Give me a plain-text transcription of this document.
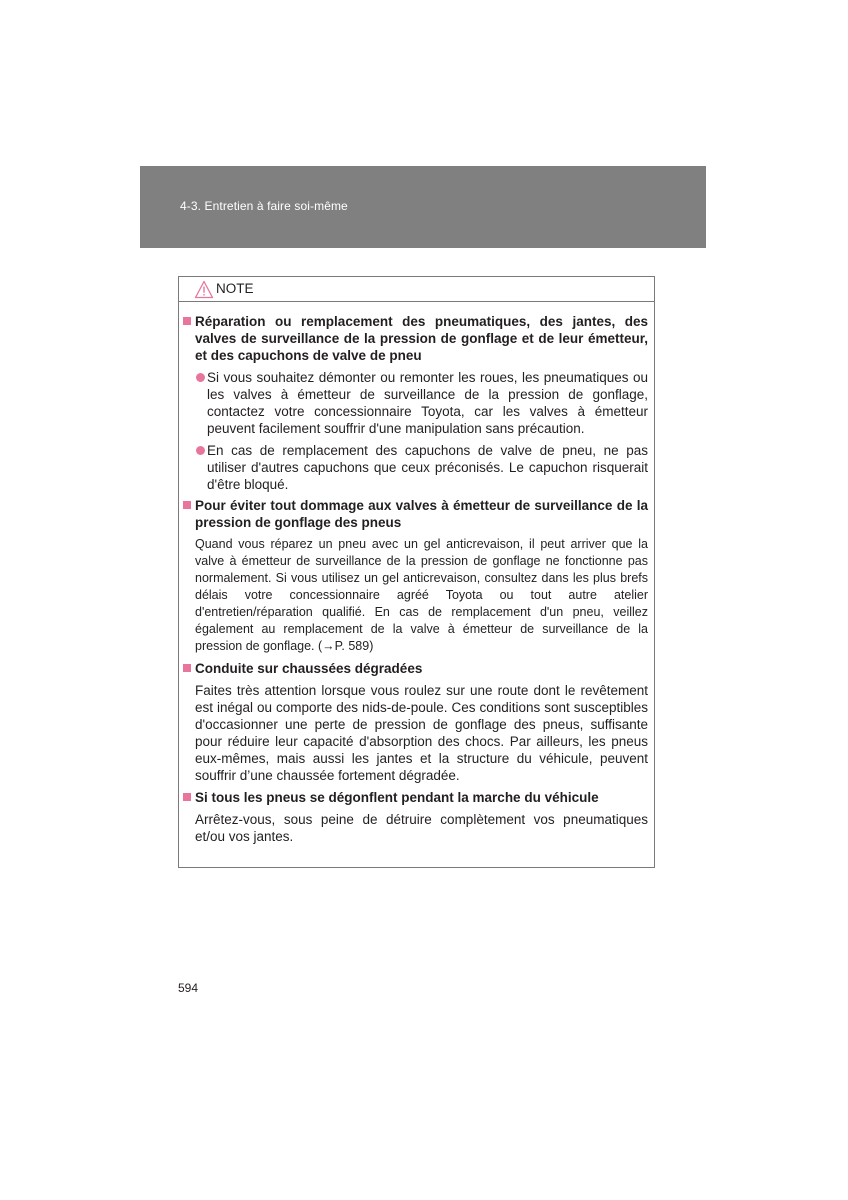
4-3. Entretien à faire soi-même
NOTE
Réparation ou remplacement des pneumatiques, des jantes, des valves de surveillance de la pression de gonflage et de leur émetteur, et des capuchons de valve de pneu
Si vous souhaitez démonter ou remonter les roues, les pneumatiques ou les valves à émetteur de surveillance de la pression de gonflage, contactez votre concessionnaire Toyota, car les valves à émetteur peuvent facilement souffrir d'une manipulation sans précaution.
En cas de remplacement des capuchons de valve de pneu, ne pas utiliser d'autres capuchons que ceux préconisés. Le capuchon risquerait d'être bloqué.
Pour éviter tout dommage aux valves à émetteur de surveillance de la pression de gonflage des pneus
Quand vous réparez un pneu avec un gel anticrevaison, il peut arriver que la valve à émetteur de surveillance de la pression de gonflage ne fonctionne pas normalement. Si vous utilisez un gel anticrevaison, consultez dans les plus brefs délais votre concessionnaire agréé Toyota ou tout autre atelier d'entretien/réparation qualifié. En cas de remplacement d'un pneu, veillez également au remplacement de la valve à émetteur de surveillance de la pression de gonflage. (→P. 589)
Conduite sur chaussées dégradées
Faites très attention lorsque vous roulez sur une route dont le revêtement est inégal ou comporte des nids-de-poule. Ces conditions sont susceptibles d'occasionner une perte de pression de gonflage des pneus, suffisante pour réduire leur capacité d'absorption des chocs. Par ailleurs, les pneus eux-mêmes, mais aussi les jantes et la structure du véhicule, peuvent souffrir d’une chaussée fortement dégradée.
Si tous les pneus se dégonflent pendant la marche du véhicule
Arrêtez-vous, sous peine de détruire complètement vos pneumatiques et/ou vos jantes.
594
